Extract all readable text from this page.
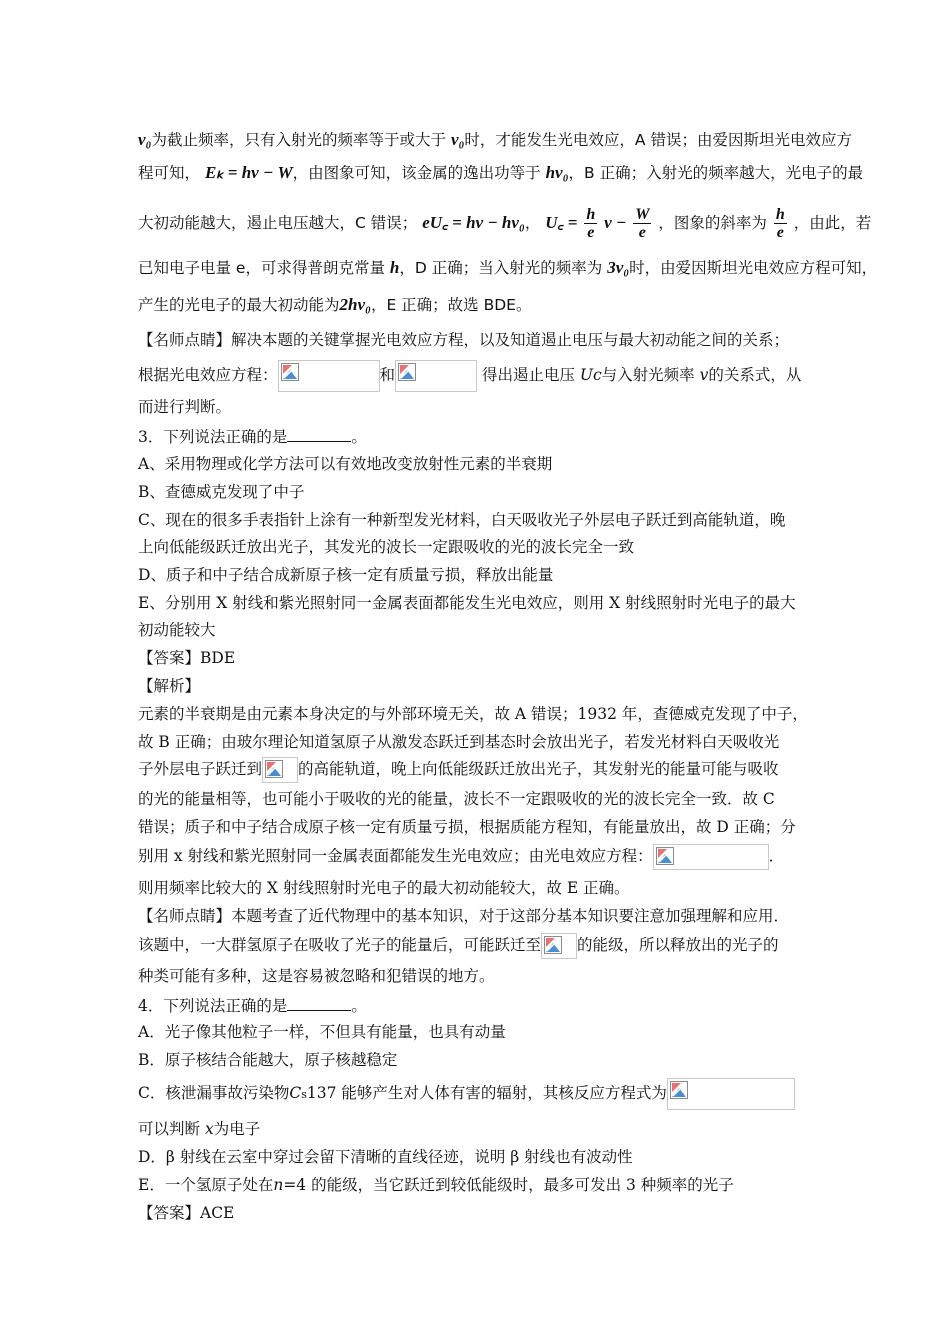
ν₀为截止频率，只有入射光的频率等于或大于 ν₀时，才能发生光电效应，A 错误；由爱因斯坦光电效应方
程可知， Eₖ = hν − W，由图象可知，该金属的逸出功等于 hν₀，B 正确；入射光的频率越大，光电子的最
大初动能越大，遏止电压越大，C 错误； eU꜀ = hν − hν₀， U꜀ = $\frac{h}{e}$ $\nu - \frac{W}{e}$ ，图象的斜率为 $\frac{h}{e}$ ，由此，若
已知电子电量 e，可求得普朗克常量 h，D 正确；当入射光的频率为 3ν₀时，由爱因斯坦光电效应方程可知，
产生的光电子的最大初动能为2hν₀，E 正确；故选 BDE。
【名师点睛】解决本题的关键掌握光电效应方程，以及知道遏止电压与最大初动能之间的关系；
根据光电效应方程：	和	得出遏止电压 Uc与入射光频率 v的关系式，从
而进行判断。
3．下列说法正确的是	。
A、采用物理或化学方法可以有效地改变放射性元素的半衰期
B、查德威克发现了中子
C、现在的很多手表指针上涂有一种新型发光材料，白天吸收光子外层电子跃迁到高能轨道，晚
上向低能级跃迁放出光子，其发光的波长一定跟吸收的光的波长完全一致
D、质子和中子结合成新原子核一定有质量亏损，释放出能量
E、分别用 X 射线和紫光照射同一金属表面都能发生光电效应，则用 X 射线照射时光电子的最大
初动能较大
【答案】BDE
【解析】
元素的半衰期是由元素本身决定的与外部环境无关，故 A 错误；1932 年，查德威克发现了中子，
故 B 正确；由玻尔理论知道氢原子从激发态跃迁到基态时会放出光子，若发光材料白天吸收光
子外层电子跃迁到 的高能轨道，晚上向低能级跃迁放出光子，其发射光的能量可能与吸收
的光的能量相等，也可能小于吸收的光的能量，波长不一定跟吸收的光的波长完全一致．故 C
错误；质子和中子结合成原子核一定有质量亏损，根据质能方程知，有能量放出，故 D 正确；分
别用 x 射线和紫光照射同一金属表面都能发生光电效应；由光电效应方程：	．
则用频率比较大的 X 射线照射时光电子的最大初动能较大，故 E 正确。
【名师点睛】本题考查了近代物理中的基本知识，对于这部分基本知识要注意加强理解和应用．
该题中，一大群氢原子在吸收了光子的能量后，可能跃迁至 的能级，所以释放出的光子的
种类可能有多种，这是容易被忽略和犯错误的地方。
4．下列说法正确的是	。
A．光子像其他粒子一样，不但具有能量，也具有动量
B．原子核结合能越大，原子核越稳定
C．核泄漏事故污染物Cs137 能够产生对人体有害的辐射，其核反应方程式为
可以判断 x为电子
D．β 射线在云室中穿过会留下清晰的直线径迹，说明 β 射线也有波动性
E．一个氢原子处在n=4 的能级，当它跃迁到较低能级时，最多可发出 3 种频率的光子
【答案】ACE
